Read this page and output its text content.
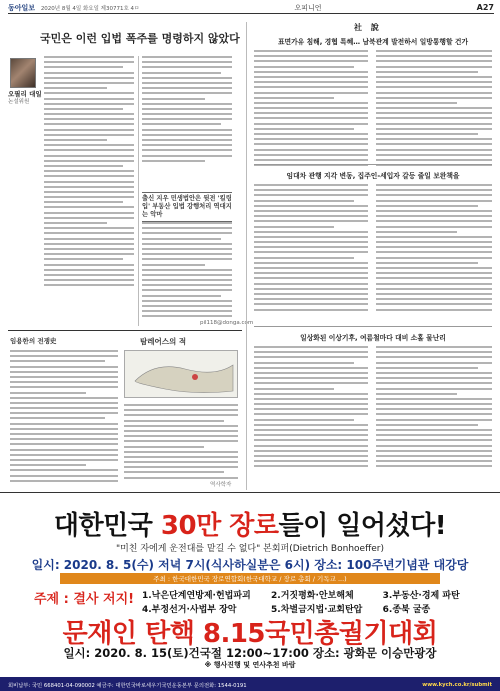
동아일보 2020년 8월 4일 화요일 제30771호 4ㅁ	오피니언	A27
국민은 이런 입법 폭주를 명령하지 않았다
오필리 대일
논설위원
출신 지우 민생법안은 뒷전 '킬링 입' 부동산 입법 강행처리 역대지는 악마
pil118@donga.com
임용한의 전쟁史	탐레어스의 적
역사학자
社 說
표면가유 침해, 경협 특혜… 남북관계 발전하서 일방통행할 건가
임대차 관행 지각 변동, 집주인-세입자 갈등 줄일 보완책을
일상화된 이상기후, 여름철마다 대비 소홀 물난리
대한민국 30만 장로들이 일어섰다!
"미친 자에게 운전대를 맡길 수 없다" 본회퍼(Dietrich Bonhoeffer)
일시: 2020. 8. 5(수) 저녁 7시(식사하실분은 6시) 장소: 100주년기념관 대강당
주최 : 한국대한민국 장로연합회(한국대학교 / 장로 총회 / 기독교 ...)
주제 : 결사 저지! 1.낙은단계연방제·헌법파괴	2.거짓평화·안보해체	3.부동산·경제 파탄
4.부정선거·사법부 장악	5.차별금지법·교회탄압	6.종북 굴종
문재인 탄핵 8.15국민총궐기대회
일시: 2020. 8. 15(토)건국절 12:00~17:00 장소: 광화문 이승만광장
※ 행사진행 및 연사추천 바람
회비납부: 국민 668401-04-090002 예금주: 대한민국바로세우기국민운동본부 문의전화: 1544-0191	www.kych.co.kr/submit
